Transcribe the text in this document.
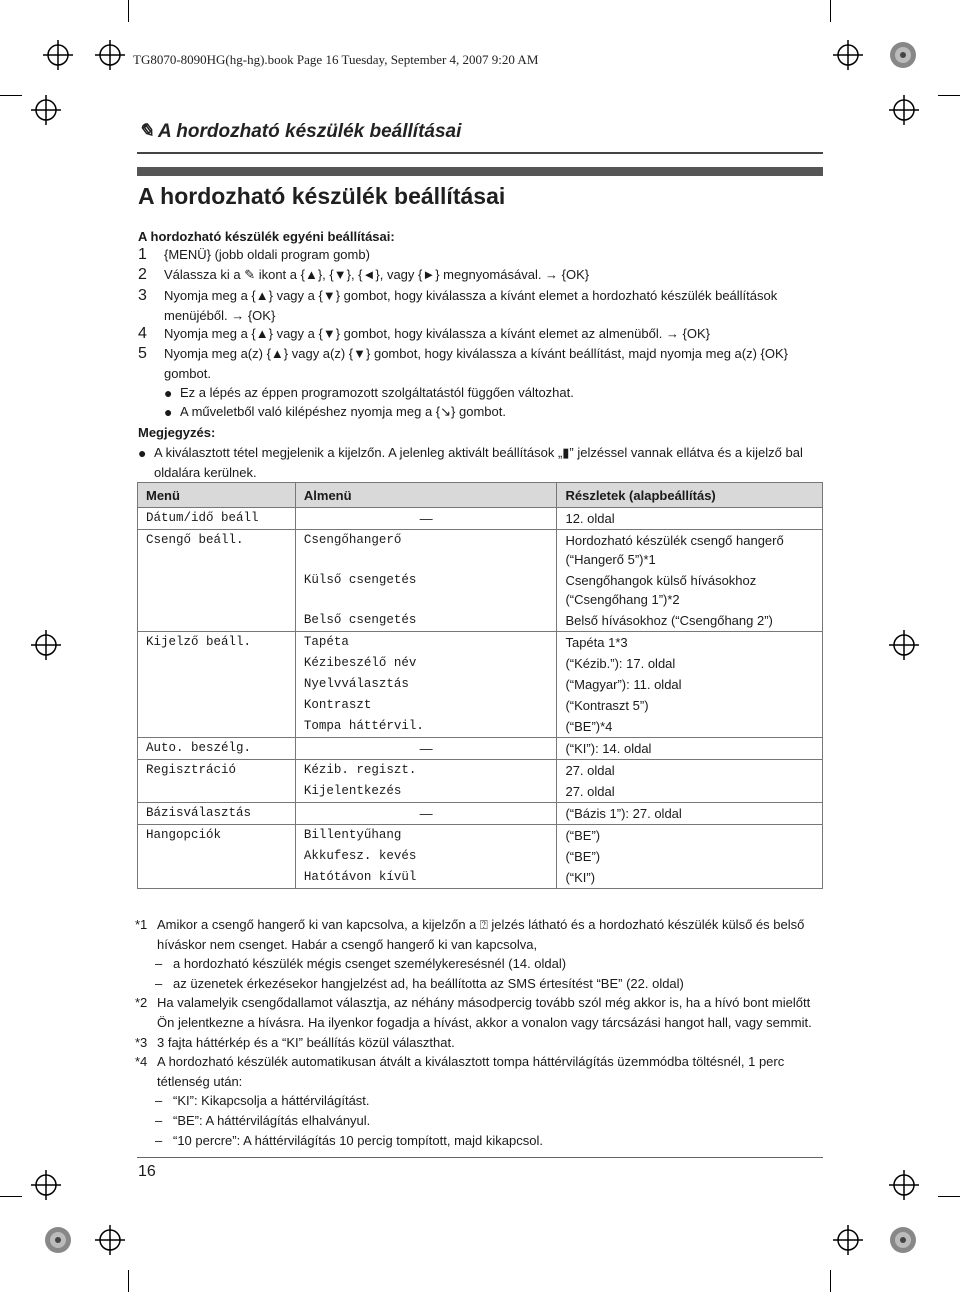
TG8070-8090HG(hg-hg).book Page 16 Tuesday, September 4, 2007 9:20 AM
✎ A hordozható készülék beállításai
A hordozható készülék beállításai
A hordozható készülék egyéni beállításai:
1 {MENÜ} (jobb oldali program gomb)
2 Válassza ki a ✎ ikont a {▲}, {▼}, {◄}, vagy {►} megnyomásával. → {OK}
3 Nyomja meg a {▲} vagy a {▼} gombot, hogy kiválassza a kívánt elemet a hordozható készülék beállítások menüjéből. → {OK}
4 Nyomja meg a {▲} vagy a {▼} gombot, hogy kiválassza a kívánt elemet az almenüből. → {OK}
5 Nyomja meg a(z) {▲} vagy a(z) {▼} gombot, hogy kiválassza a kívánt beállítást, majd nyomja meg a(z) {OK} gombot.
● Ez a lépés az éppen programozott szolgáltatástól függően változhat.
● A műveletből való kilépéshez nyomja meg a {↘} gombot.
Megjegyzés:
● A kiválasztott tétel megjelenik a kijelzőn. A jelenleg aktivált beállítások „▮” jelzéssel vannak ellátva és a kijelző bal oldalára kerülnek.
Menü	Almenü	Részletek (alapbeállítás)
Dátum/idő beáll	—	12. oldal
Csengő beáll.	Csengőhangerő	Hordozható készülék csengő hangerő
(“Hangerő 5”)*1

	Külső csengetés	Csengőhangok külső hívásokhoz
(“Csengőhang 1”)*2

	Belső csengetés	Belső hívásokhoz (“Csengőhang 2”)
Kijelző beáll.	Tapéta	Tapéta 1*3
	Kézibeszélő név	(“Kézib.”): 17. oldal
	Nyelvválasztás	(“Magyar”): 11. oldal
	Kontraszt	(“Kontraszt 5”)
	Tompa háttérvil.	(“BE”)*4
Auto. beszélg.	—	(“KI”): 14. oldal
Regisztráció	Kézib. regiszt.	27. oldal
	Kijelentkezés	27. oldal
Bázisválasztás	—	(“Bázis 1”): 27. oldal
Hangopciók	Billentyűhang	(“BE”)
	Akkufesz. kevés	(“BE”)
	Hatótávon kívül	(“KI”)
*1 Amikor a csengő hangerő ki van kapcsolva, a kijelzőn a ⍰ jelzés látható és a hordozható készülék külső és belső híváskor nem csenget. Habár a csengő hangerő ki van kapcsolva,
– a hordozható készülék mégis csenget személykeresésnél (14. oldal)
– az üzenetek érkezésekor hangjelzést ad, ha beállította az SMS értesítést “BE” (22. oldal)
*2 Ha valamelyik csengődallamot választja, az néhány másodpercig tovább szól még akkor is, ha a hívó bont mielőtt Ön jelentkezne a hívásra. Ha ilyenkor fogadja a hívást, akkor a vonalon vagy tárcsázási hangot hall, vagy semmit.
*3 3 fajta háttérkép és a “KI” beállítás közül választhat.
*4 A hordozható készülék automatikusan átvált a kiválasztott tompa háttérvilágítás üzemmódba töltésnél, 1 perc tétlenség után:
– “KI”: Kikapcsolja a háttérvilágítást.
– “BE”: A háttérvilágítás elhalványul.
– “10 percre”: A háttérvilágítás 10 percig tompított, majd kikapcsol.
16
